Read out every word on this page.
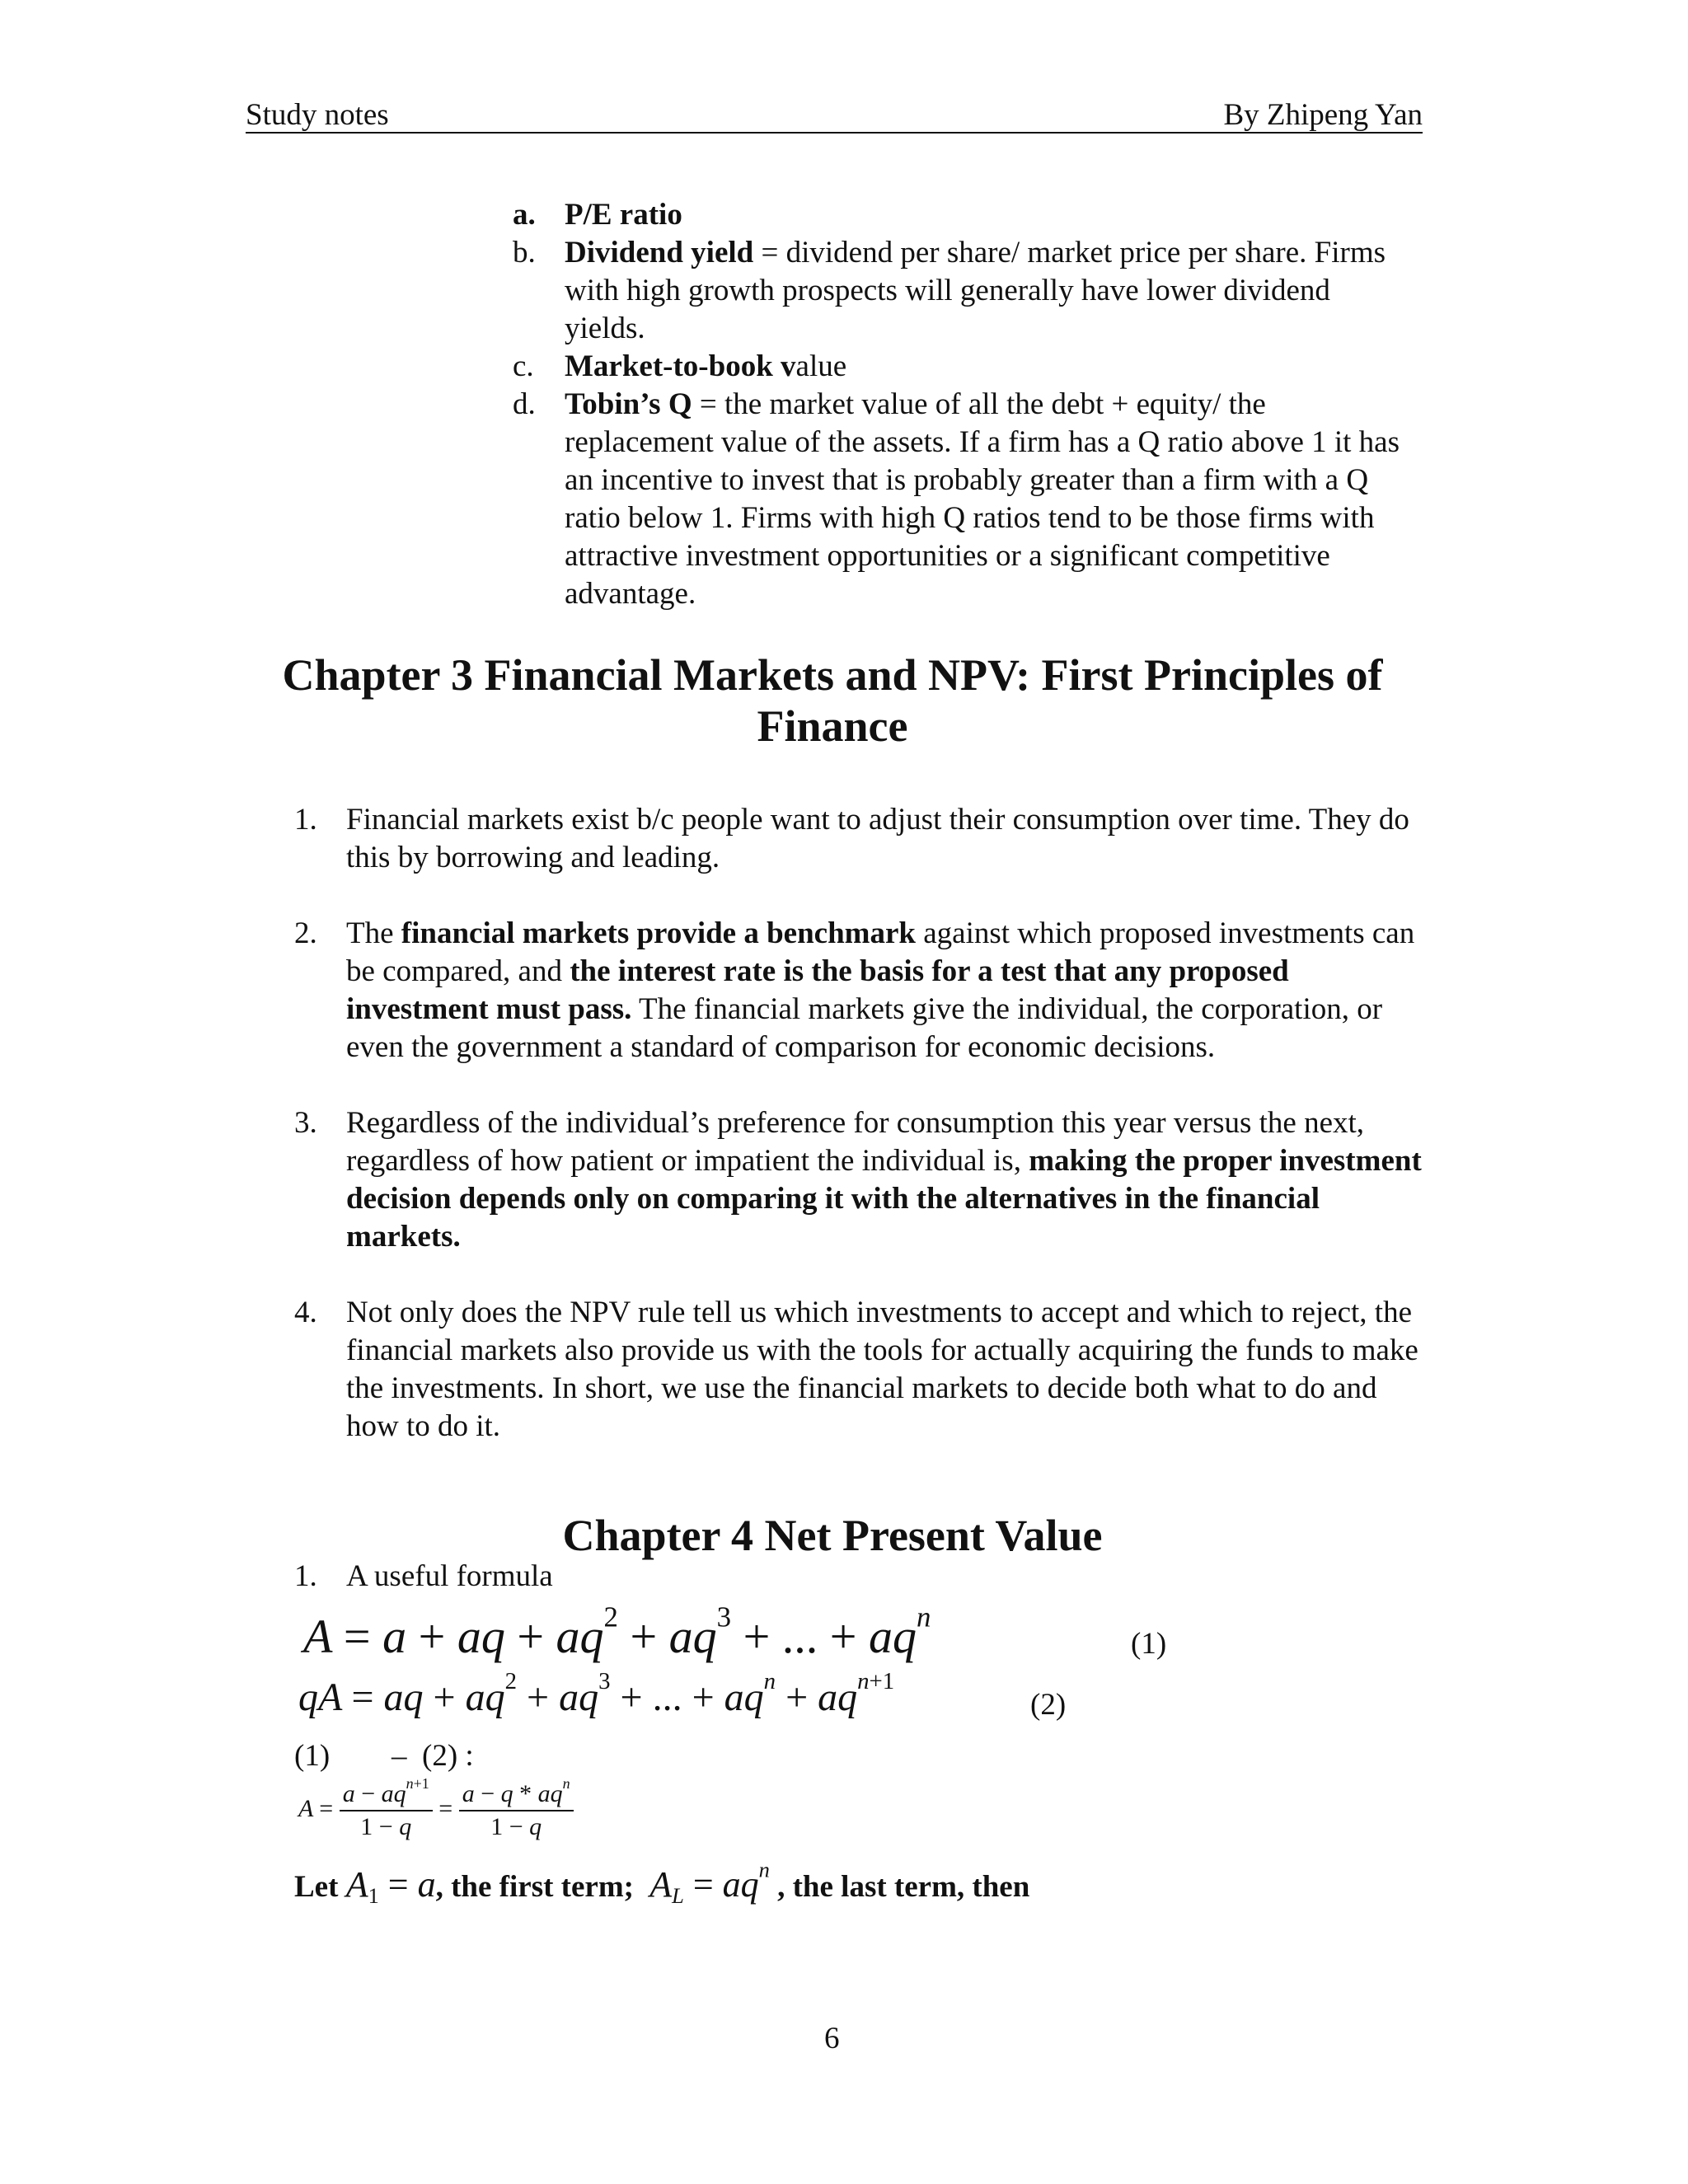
Study notes	By Zhipeng Yan
a. P/E ratio
b. Dividend yield = dividend per share/ market price per share. Firms with high growth prospects will generally have lower dividend yields.
c. Market-to-book value
d. Tobin’s Q = the market value of all the debt + equity/ the replacement value of the assets. If a firm has a Q ratio above 1 it has an incentive to invest that is probably greater than a firm with a Q ratio below 1. Firms with high Q ratios tend to be those firms with attractive investment opportunities or a significant competitive advantage.
Chapter 3 Financial Markets and NPV: First Principles of
Finance
1. Financial markets exist b/c people want to adjust their consumption over time. They do this by borrowing and leading.
2. The financial markets provide a benchmark against which proposed investments can be compared, and the interest rate is the basis for a test that any proposed investment must pass. The financial markets give the individual, the corporation, or even the government a standard of comparison for economic decisions.
3. Regardless of the individual’s preference for consumption this year versus the next, regardless of how patient or impatient the individual is, making the proper investment decision depends only on comparing it with the alternatives in the financial markets.
4. Not only does the NPV rule tell us which investments to accept and which to reject, the financial markets also provide us with the tools for actually acquiring the funds to make the investments. In short, we use the financial markets to decide both what to do and how to do it.
Chapter 4 Net Present Value
1. A useful formula
A = a + aq + $aq^2 + aq^3$ + ... + $aq^n$
(1)
qA = aq + $aq^2 + aq^3$ + ... + $aq^n + aq^{n+1}$
(2)
(1) – (2) :
$A = \frac{a - aq^{n+1}}{1 - q} = \frac{a - q * aq^n}{1 - q}$
Let $A_1 = a$, the first term; $A_L = aq^n$ , the last term, then
6
